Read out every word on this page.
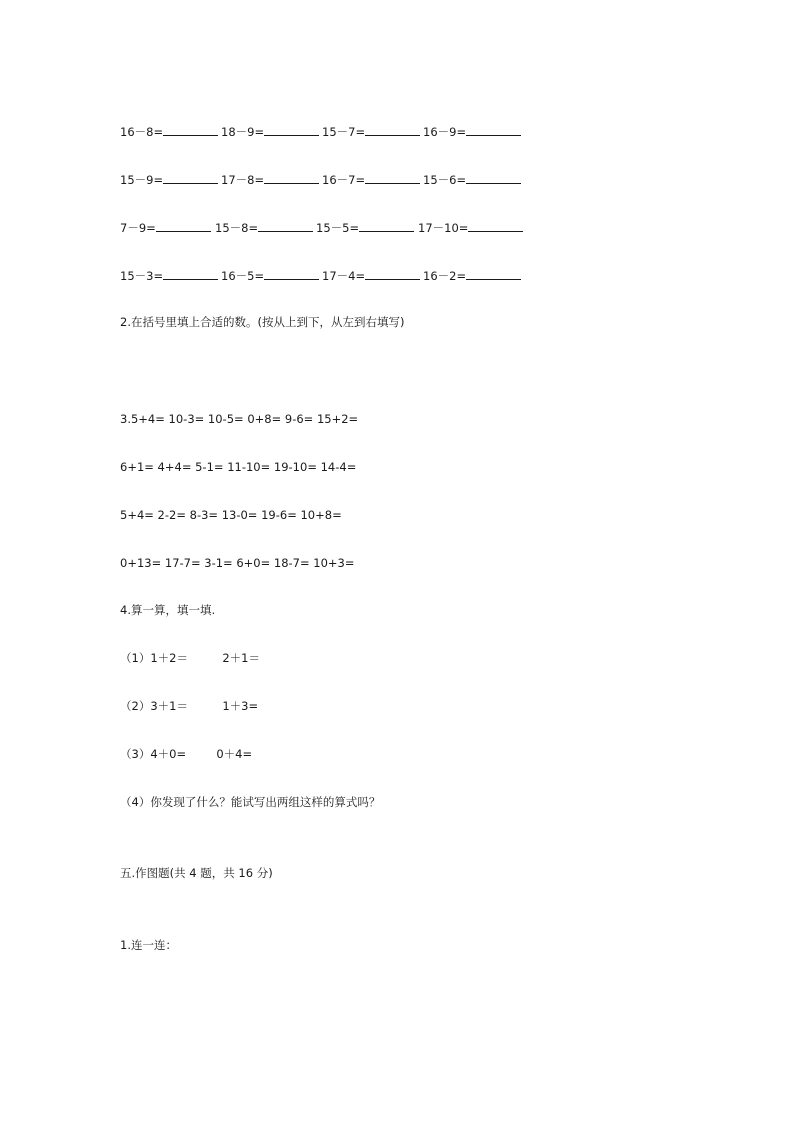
16－8=	18－9=	15－7=	16－9=
15－9=	17－8=	16－7=	15－6=
7－9=	15－8=	15－5=	17－10=
15－3=	16－5=	17－4=	16－2=
2.在括号里填上合适的数。(按从上到下，从左到右填写)
3.5+4= 10-3= 10-5= 0+8= 9-6= 15+2=
6+1= 4+4= 5-1= 11-10= 19-10= 14-4=
5+4= 2-2= 8-3= 13-0= 19-6= 10+8=
0+13= 17-7= 3-1= 6+0= 18-7= 10+3=
4.算一算，填一填.
（1）1＋2＝	2＋1＝
（2）3＋1＝	1＋3=
（3）4＋0=	0＋4=
（4）你发现了什么？能试写出两组这样的算式吗？
五.作图题(共 4 题，共 16 分)
1.连一连：
